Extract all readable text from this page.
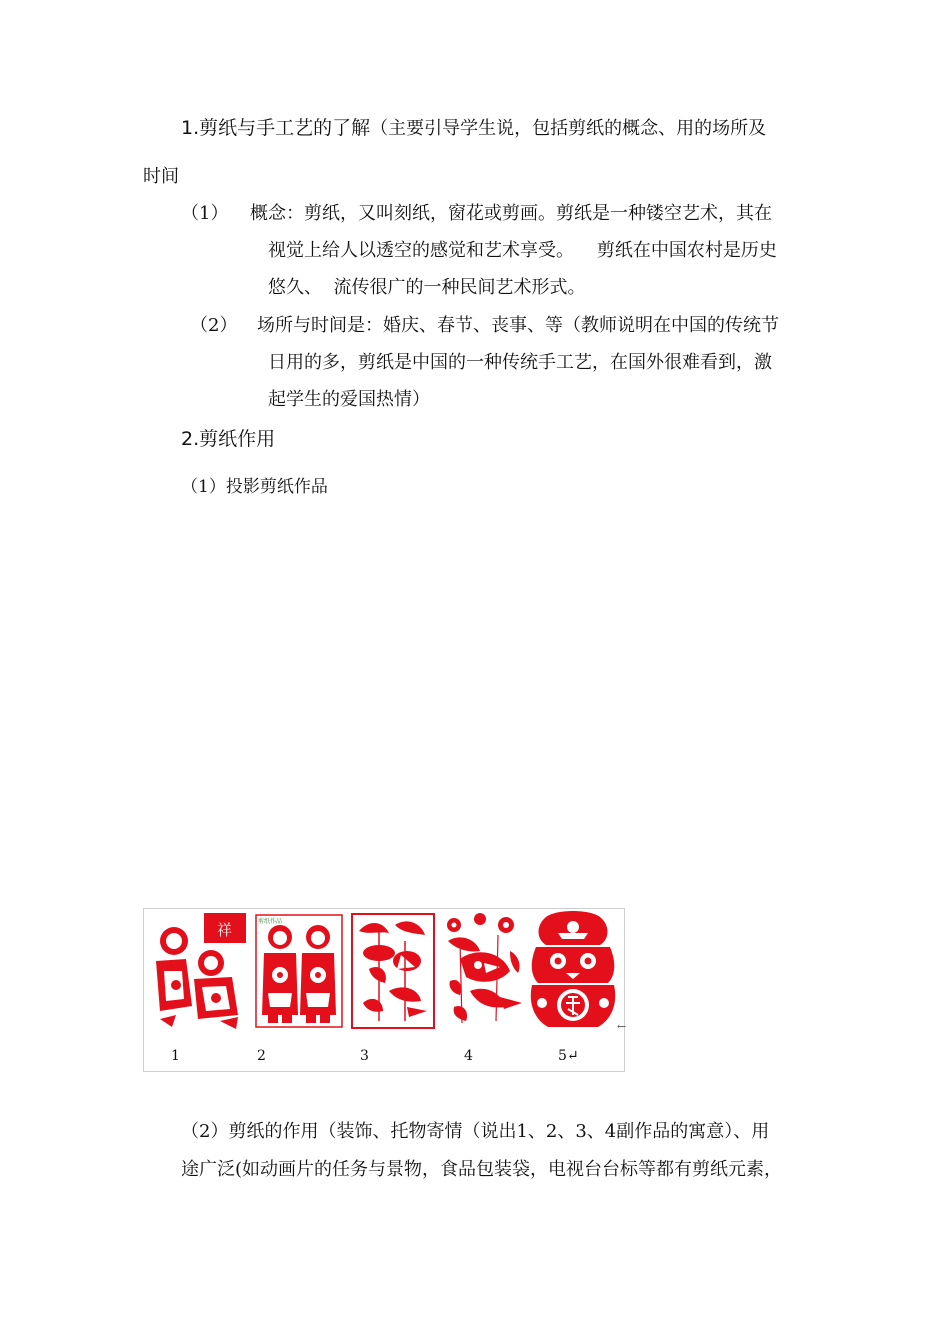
1.剪纸与手工艺的了解（主要引导学生说，包括剪纸的概念、用的场所及
时间
（1） 概念：剪纸，又叫刻纸，窗花或剪画。剪纸是一种镂空艺术，其在
视觉上给人以透空的感觉和艺术享受。    剪纸在中国农村是历史
悠久、  流传很广的一种民间艺术形式。
（2） 场所与时间是：婚庆、春节、丧事、等（教师说明在中国的传统节
日用的多，剪纸是中国的一种传统手工艺，在国外很难看到，激
起学生的爱国热情）
2.剪纸作用
（1）投影剪纸作品
祥	剪纸作品
←
1	2	3	4	5↵
（2）剪纸的作用（装饰、托物寄情（说出1、2、3、4副作品的寓意）、用
途广泛(如动画片的任务与景物，食品包装袋，电视台台标等都有剪纸元素，
